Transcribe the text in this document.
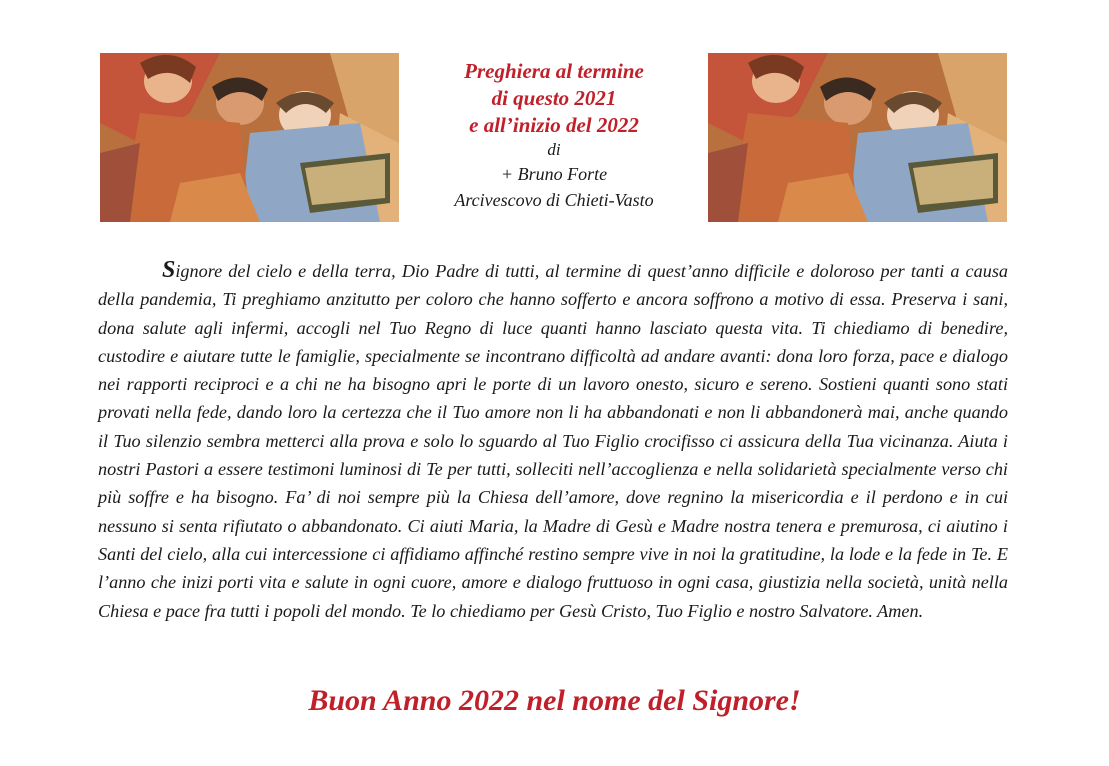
Preghiera al termine

di questo 2021

e all’inizio del 2022

di

+ Bruno Forte

Arcivescovo di Chieti-Vasto

Signore del cielo e della terra, Dio Padre di tutti, al termine di quest’anno difficile e doloroso per tanti a causa della pandemia, Ti preghiamo anzitutto per coloro che hanno sofferto e ancora soffrono a motivo di essa. Preserva i sani, dona salute agli infermi, accogli nel Tuo Regno di luce quanti hanno lasciato questa vita. Ti chiediamo di benedire, custodire e aiutare tutte le famiglie, specialmente se incontrano difficoltà ad andare avanti: dona loro forza, pace e dialogo nei rapporti reciproci e a chi ne ha bisogno apri le porte di un lavoro onesto, sicuro e sereno. Sostieni quanti sono stati provati nella fede, dando loro la certezza che il Tuo amore non li ha abbandonati e non li abbandonerà mai, anche quando il Tuo silenzio sembra metterci alla prova e solo lo sguardo al Tuo Figlio crocifisso ci assicura della Tua vicinanza. Aiuta i nostri Pastori a essere testimoni luminosi di Te per tutti, solleciti nell’accoglienza e nella solidarietà specialmente verso chi più soffre e ha bisogno. Fa’ di noi sempre più la Chiesa dell’amore, dove regnino la misericordia e il perdono e in cui nessuno si senta rifiutato o abbandonato. Ci aiuti Maria, la Madre di Gesù e Madre nostra tenera e premurosa, ci aiutino i Santi del cielo, alla cui intercessione ci affidiamo affinché restino sempre vive in noi la gratitudine, la lode e la fede in Te. E l’anno che inizi porti vita e salute in ogni cuore, amore e dialogo fruttuoso in ogni casa, giustizia nella società, unità nella Chiesa e pace fra tutti i popoli del mondo. Te lo chiediamo per Gesù Cristo, Tuo Figlio e nostro Salvatore. Amen.

Buon Anno 2022 nel nome del Signore!
